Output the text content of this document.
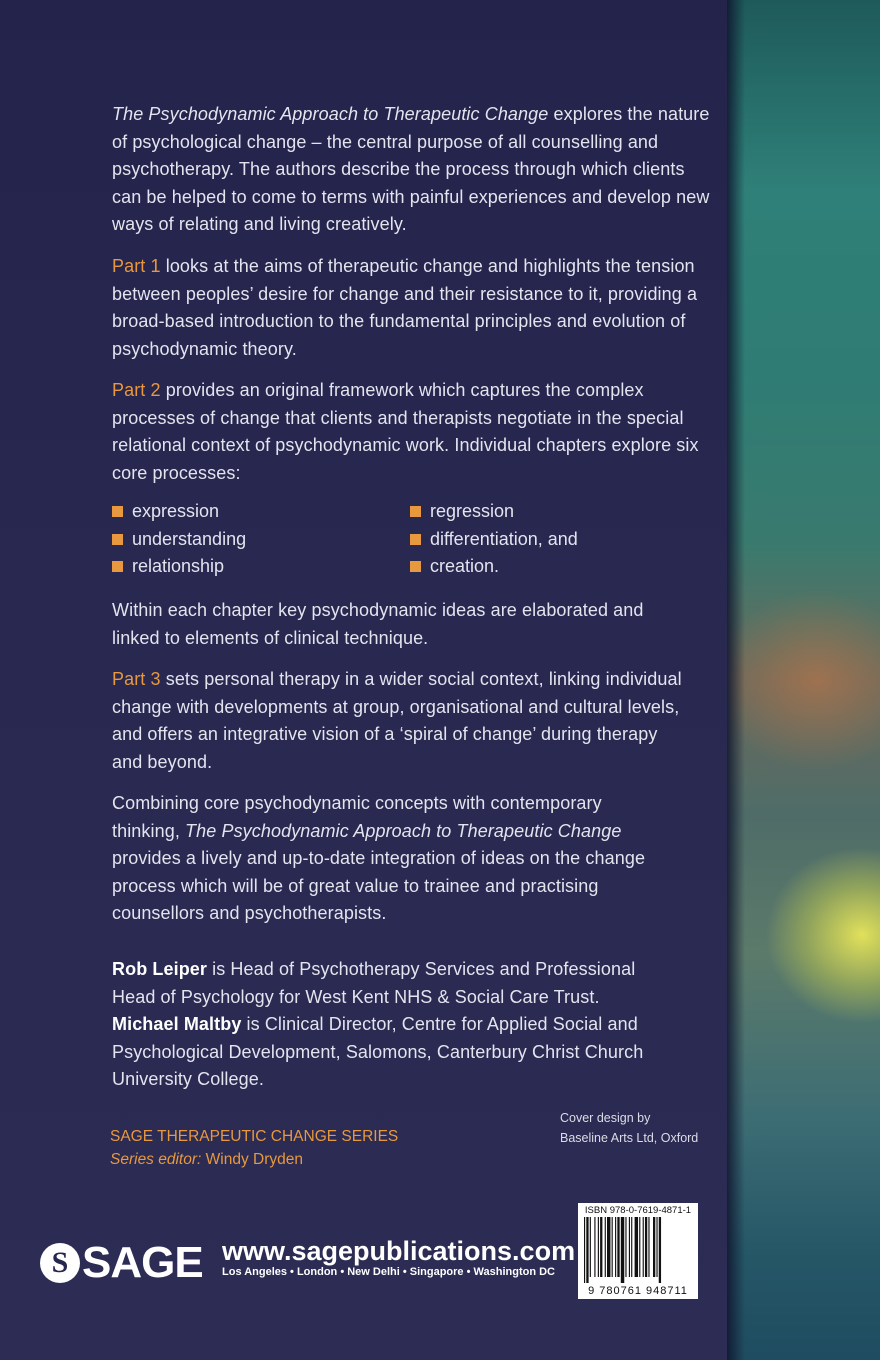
The Psychodynamic Approach to Therapeutic Change explores the nature of psychological change – the central purpose of all counselling and psychotherapy. The authors describe the process through which clients can be helped to come to terms with painful experiences and develop new ways of relating and living creatively.

Part 1 looks at the aims of therapeutic change and highlights the tension between peoples’ desire for change and their resistance to it, providing a broad-based introduction to the fundamental principles and evolution of psychodynamic theory.

Part 2 provides an original framework which captures the complex processes of change that clients and therapists negotiate in the special relational context of psychodynamic work. Individual chapters explore six core processes:

expression
understanding
relationship
regression
differentiation, and
creation.

Within each chapter key psychodynamic ideas are elaborated and linked to elements of clinical technique.

Part 3 sets personal therapy in a wider social context, linking individual change with developments at group, organisational and cultural levels, and offers an integrative vision of a ‘spiral of change’ during therapy and beyond.

Combining core psychodynamic concepts with contemporary thinking, The Psychodynamic Approach to Therapeutic Change provides a lively and up-to-date integration of ideas on the change process which will be of great value to trainee and practising counsellors and psychotherapists.

Rob Leiper is Head of Psychotherapy Services and Professional Head of Psychology for West Kent NHS & Social Care Trust.
Michael Maltby is Clinical Director, Centre for Applied Social and Psychological Development, Salomons, Canterbury Christ Church University College.

SAGE THERAPEUTIC CHANGE SERIES
Series editor: Windy Dryden
Cover design by
Baseline Arts Ltd, Oxford
S SAGE www.sagepublications.com
Los Angeles • London • New Delhi • Singapore • Washington DC
ISBN 978-0-7619-4871-1
9 780761 948711
